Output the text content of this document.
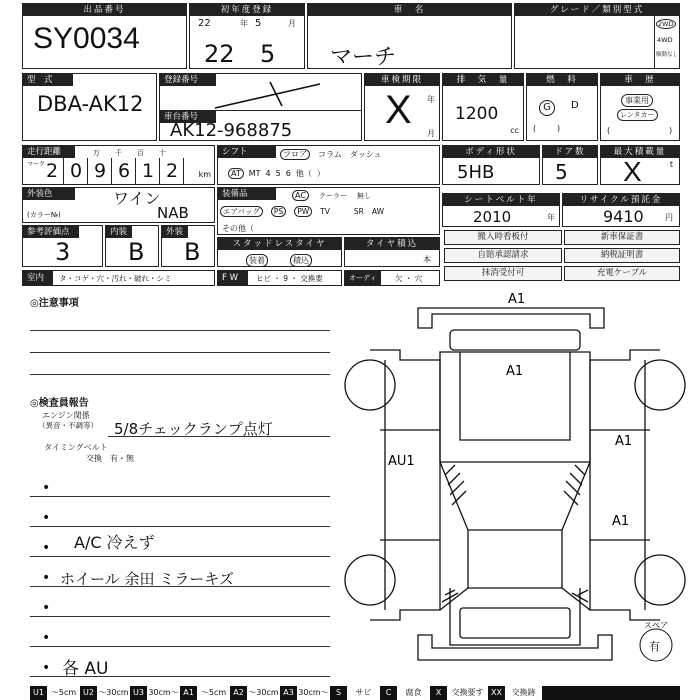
出品番号
SY0034
初年度登録
22	年 5	月
22 5
車　名
マーチ
グレード／類別型式
2WD
4WD
駆動なし
型　式
DBA-AK12
登録番号
車台番号
AK12-968875
車検期限
X 年
月
排　気　量
1200
cc
燃　料
G	D
(	)
車　歴
事業用
レンタカー
(	)
走行距離
マーク
万 千 百 十
2 0 9 6 1 2	km
シフト	フロア コラム ダッシュ
AT MT 4 5 6 他（ ）
ボディ形状
5HB
ドア数
5
最大積載量
X	t
外装色
(カラー№)
ワイン
NAB
装備品	AC クーラー 無し
エアバッグ PS PW TV	SR AW
その他（
シートベルト年
2010	年
リサイクル預託金
9410	円
参考評価点
3
内装
B
外装
B	スタッドレスタイヤ
装着	積込
タイヤ積込
本
搬入時看板付	新車保証書
自賠承認請求	納税証明書
抹消受付可	充電ケーブル
室内	タ・コゲ・穴・汚れ・破れ・シミ	F W	ヒビ ・ 9 ・ 交換要	オーディオ
欠 ・ 穴
◎注意事項
◎検査員報告
エンジン関係
（異音・不調等） 5/8チェックランプ点灯
タイミングベルト
交換　有・無
•
•
A/C 冷えず
•
• ホイール 余田 ミラーキズ
•
•
• 各 AU
A1
A1
AU1
A1
A1
スペア
有
U1 〜5cm U2 〜30cm U3 30cm〜 A1 〜5cm A2 〜30cm A3 30cm〜 S	サビ	C	腐食	X	交換要す XX	交換跡
